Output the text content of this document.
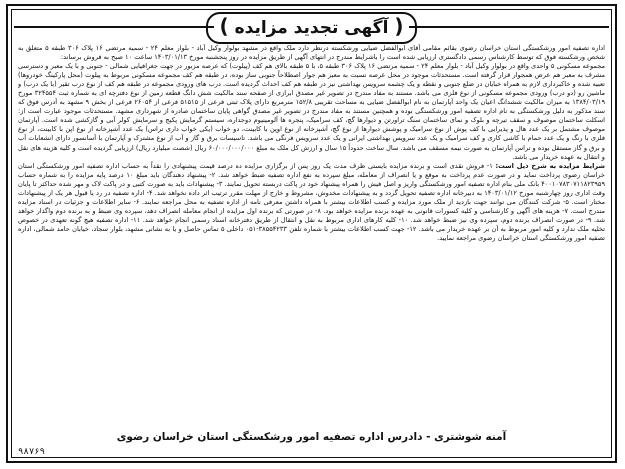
( آگهی تجدید مزایده )

اداره تصفیه امور ورشکستگی استان خراسان رضوی بقائم مقامی آقای ابوالفضل ضیایی ورشکسته درنظر دارد ملک واقع در مشهد بولوار وکیل آباد - بلوار معلم ۲۴ - سمیه مرتضی ۱۶ پلاک ۳۰۶ طبقه ۵ متعلق به شخص ورشکسته فوق که توسط کارشناس رسمی دادگستری ارزیابی شده است را باشرایط مندرج در انتهای آگهی از طریق مزایده در روز پنجشنبه مورخ ۱۴۰۳/۰۱/۱۳ ساعت ۱۰ صبح به فروش برساند:

مجموعه مسکونی ۵ واحدی واقع در بولوار وکیل آباد - بلوار معلم ۲۴ - سمیه مرتضی ۱۶ پلاک ۳۰۶ طبقه ۵، با ۵ طبقه بالای هم کف (پیلوت) که عرصه مزبور در جهت جغرافیایی شمالی - جنوبی و با یک معبر و دسترسی مشرف به معبر هم عرض همجوار قرار گرفته است. مستحدثات موجود در محل عرصه نسبت به معبر هم جوار اصطلاحاً جنوبی ساز بوده، در طبقه هم کف مجموعه مسکونی مربوط به پیلوت (محل پارکینگ خودروها) تعبیه شده و خاکبرداری لازم به همراه خبایان در ضلع جنوبی و نقطه و یک چشمه سرویس بهداشتی نیز در طبقه هم کف احداث گردیده است. درب های ورودی مجموعه در طبقه هم کف از نوع درب تقیر (با یک درب) و ماشین رو (دو درب) ورودی مجموعه مسکونی از نوع فلزی می باشد. مستند به مفاد مندرج در تصویر غیر مصدق ابرازی از صفحه سند مالکیت شش دانگ قطعه زمین از نوع دفترچه ای به شماره ثبت ۳۲۴۵۵۴ مورخ ۱۳۸۴/۰۳/۱۹ به میزان مالکیت ششدانگ اعیان یک واحد آپارتمان به نام ابوالفضل ضیایی به مساحت تقریبی ۱۵۲/۸ مترمربع دارای پلاک ثبتی فرعی از ۵۱۵۱۵ فرعی از ۲۶۰۵۴ فرعی از بخش ۹ مشهد به آدرس فوق که سند مذکور به دلیل ورشکستگی به نام اداره تصفیه امور ورشکستگی بوده و همچنین مستند به مفاد مندرج در تصویر غیر مصدق گواهی پایان ساختمان صادره از شهرداری مشهد. مستحدثات موجود عبارت است از: اسکلت ساختمان موصوف و سقف تیرچه و بلوک و نمای ساختمان سنگ تراورتن و دیوارها گچ، کف سرامیک، پنجره ها آلومینیوم دوجداره، سیستم گرمایش پکیج و سرمایش کولر آبی و گازکشی شده است. آپارتمان موصوف مشتمل بر یک عدد هال و پذیرایی با کف پوش از نوع سرامیک و پوشش دیوارها از نوع گچ، آشپزخانه از نوع اوپن با کابینت، دو خواب (یکی خواب داری تراس) یک عدد آشپزخانه از نوع اپن با کابینت، از نوع فلزی با رنگ و یک عدد حمام با کاشی کاری و کف سرامیک و یک عدد سرویس بهداشتی ایرانی و یک عدد سرویس فرنگی می باشد. تاسیسات برق و گاز و آب از نوع مشترک و آپارتمان با آسانسور دارای انشعابات آب و برق و گاز مستقل بوده و تراس آپارتمان به صورت نیمه مسقف می باشد. سال ساخت حدوداً ۱۵ سال و ارزش کل ملک به مبلغ ۶۰/۰۰۰/۰۰۰/۰۰۰ ریال (شصت میلیارد ریال) ارزیابی گردیده است و کلیه هزینه های نقل و انتقال به عهده خریدار می باشد.

شرایط مزایده به شرح ذیل است: ۱- فروش نقدی است و برنده مزایده بایستی ظرف مدت یک روز پس از برگزاری مزایده ده درصد قیمت پیشنهادی را نقداً به حساب اداره تصفیه امور ورشکستگی استان خراسان رضوی پرداخت نماید و در صورت عدم پرداخت به موقع و یا انصراف از معامله، مبلغ سپرده به نفع اداره تصفیه ضبط خواهد شد. ۲- پیشنهاد دهندگان باید مبلغ ۱۰ درصد پایه مزایده را به شماره حساب ۴۰۰۱۰۷۸۳۰۷۱۱۸۲۳۹۵۹ بانک ملی بنام اداره تصفیه امور ورشکستگی واریز و اصل فیش را همراه پیشنهاد خود در پاکت دربسته تحویل نمایند. ۳- پیشنهادات باید به صورت کتبی و در پاکت لاک و مهر شده حداکثر تا پایان وقت اداری روز چهارشنبه مورخ ۱۴۰۳/۰۱/۱۲ به دبیرخانه اداره تصفیه تحویل گردد و به پیشنهادات مخدوش، مشروط و خارج از مهلت مقرر ترتیب اثر داده نخواهد شد. ۴- اداره تصفیه در رد یا قبول هر یک از پیشنهادات مختار است. ۵- شرکت کنندگان می توانند جهت بازدید از ملک مورد مزایده و کسب اطلاعات بیشتر با همراه داشتن معرفی نامه از اداره تصفیه به محل مراجعه نمایند. ۶- سایر اطلاعات و جزئیات در اسناد مزایده مندرج است. ۷- هزینه های آگهی و کارشناسی و کلیه کسورات قانونی به عهده برنده مزایده خواهد بود. ۸- در صورتی که برنده اول مزایده از انجام معامله انصراف دهد، سپرده وی ضبط و به برنده دوم واگذار خواهد شد. ۹- در صورت انصراف برنده دوم، سپرده وی نیز ضبط خواهد شد. ۱۰- کلیه کارهای اداری مربوط به نقل و انتقال از طریق دفترخانه اسناد رسمی انجام خواهد شد. ۱۱- اداره تصفیه هیچ گونه تعهدی در خصوص تخلیه ملک ندارد و کلیه امور مربوط به آن بر عهده خریدار می باشد. ۱۲- جهت کسب اطلاعات بیشتر با شماره تلفن ۳۸۵۵۴۲۳۳-۰۵۱ داخلی ۵ تماس حاصل و یا به نشانی مشهد، بلوار سجاد، خیابان حامد شمالی، اداره تصفیه امور ورشکستگی استان خراسان رضوی مراجعه نمایید.

آمنه شوشتری - دادرس اداره تصفیه امور ورشکستگی استان خراسان رضوی
۹۸۷۶۹
